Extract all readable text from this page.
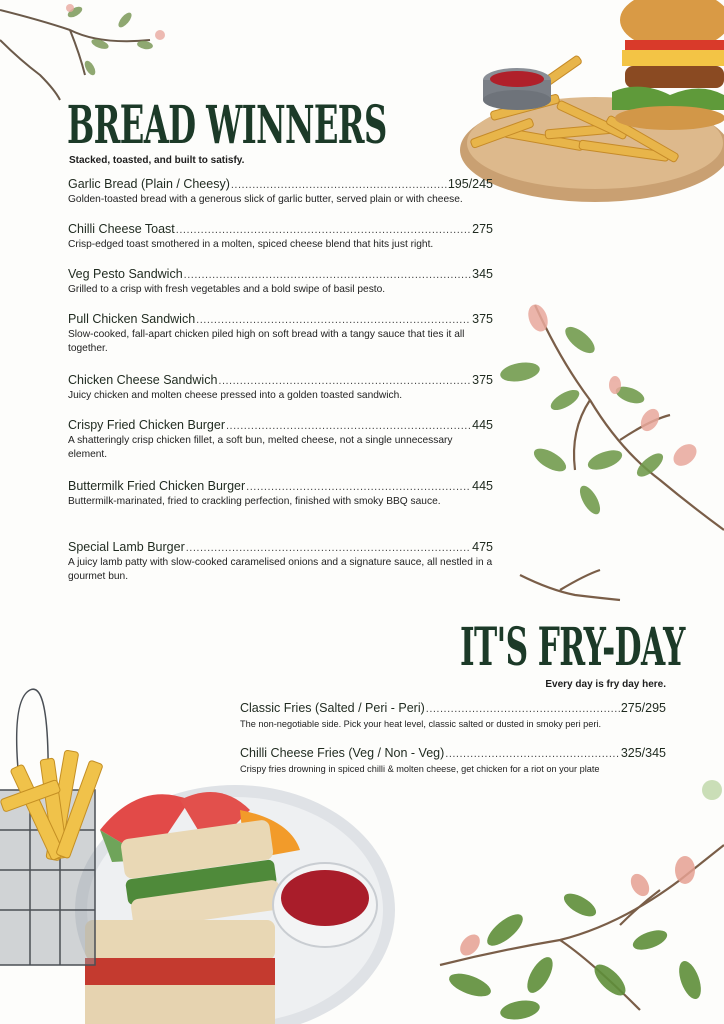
BREAD WINNERS
Stacked, toasted, and built to satisfy.
Garlic Bread (Plain / Cheesy) .....	195/245
Golden-toasted bread with a generous slick of garlic butter, served plain or with cheese.
Chilli Cheese Toast .....	275
Crisp-edged toast smothered in a molten, spiced cheese blend that hits just right.
Veg Pesto Sandwich .....	345
Grilled to a crisp with fresh vegetables and a bold swipe of basil pesto.
Pull Chicken Sandwich .....	375
Slow-cooked, fall-apart chicken piled high on soft bread with a tangy sauce that ties it all together.
Chicken Cheese Sandwich .....	375
Juicy chicken and molten cheese pressed into a golden toasted sandwich.
Crispy Fried Chicken Burger .....	445
A shatteringly crisp chicken fillet, a soft bun, melted cheese, not a single unnecessary element.
Buttermilk Fried Chicken Burger .....	445
Buttermilk-marinated, fried to crackling perfection, finished with smoky BBQ sauce.
Special Lamb Burger .....	475
A juicy lamb patty with slow-cooked caramelised onions and a signature sauce, all nestled in a gourmet bun.
IT'S FRY-DAY
Every day is fry day here.
Classic Fries (Salted / Peri - Peri) .....	275/295
The non-negotiable side. Pick your heat level, classic salted or dusted in smoky peri peri.
Chilli Cheese Fries (Veg / Non - Veg) .....	325/345
Crispy fries drowning in spiced chilli & molten cheese, get chicken for a riot on your plate
